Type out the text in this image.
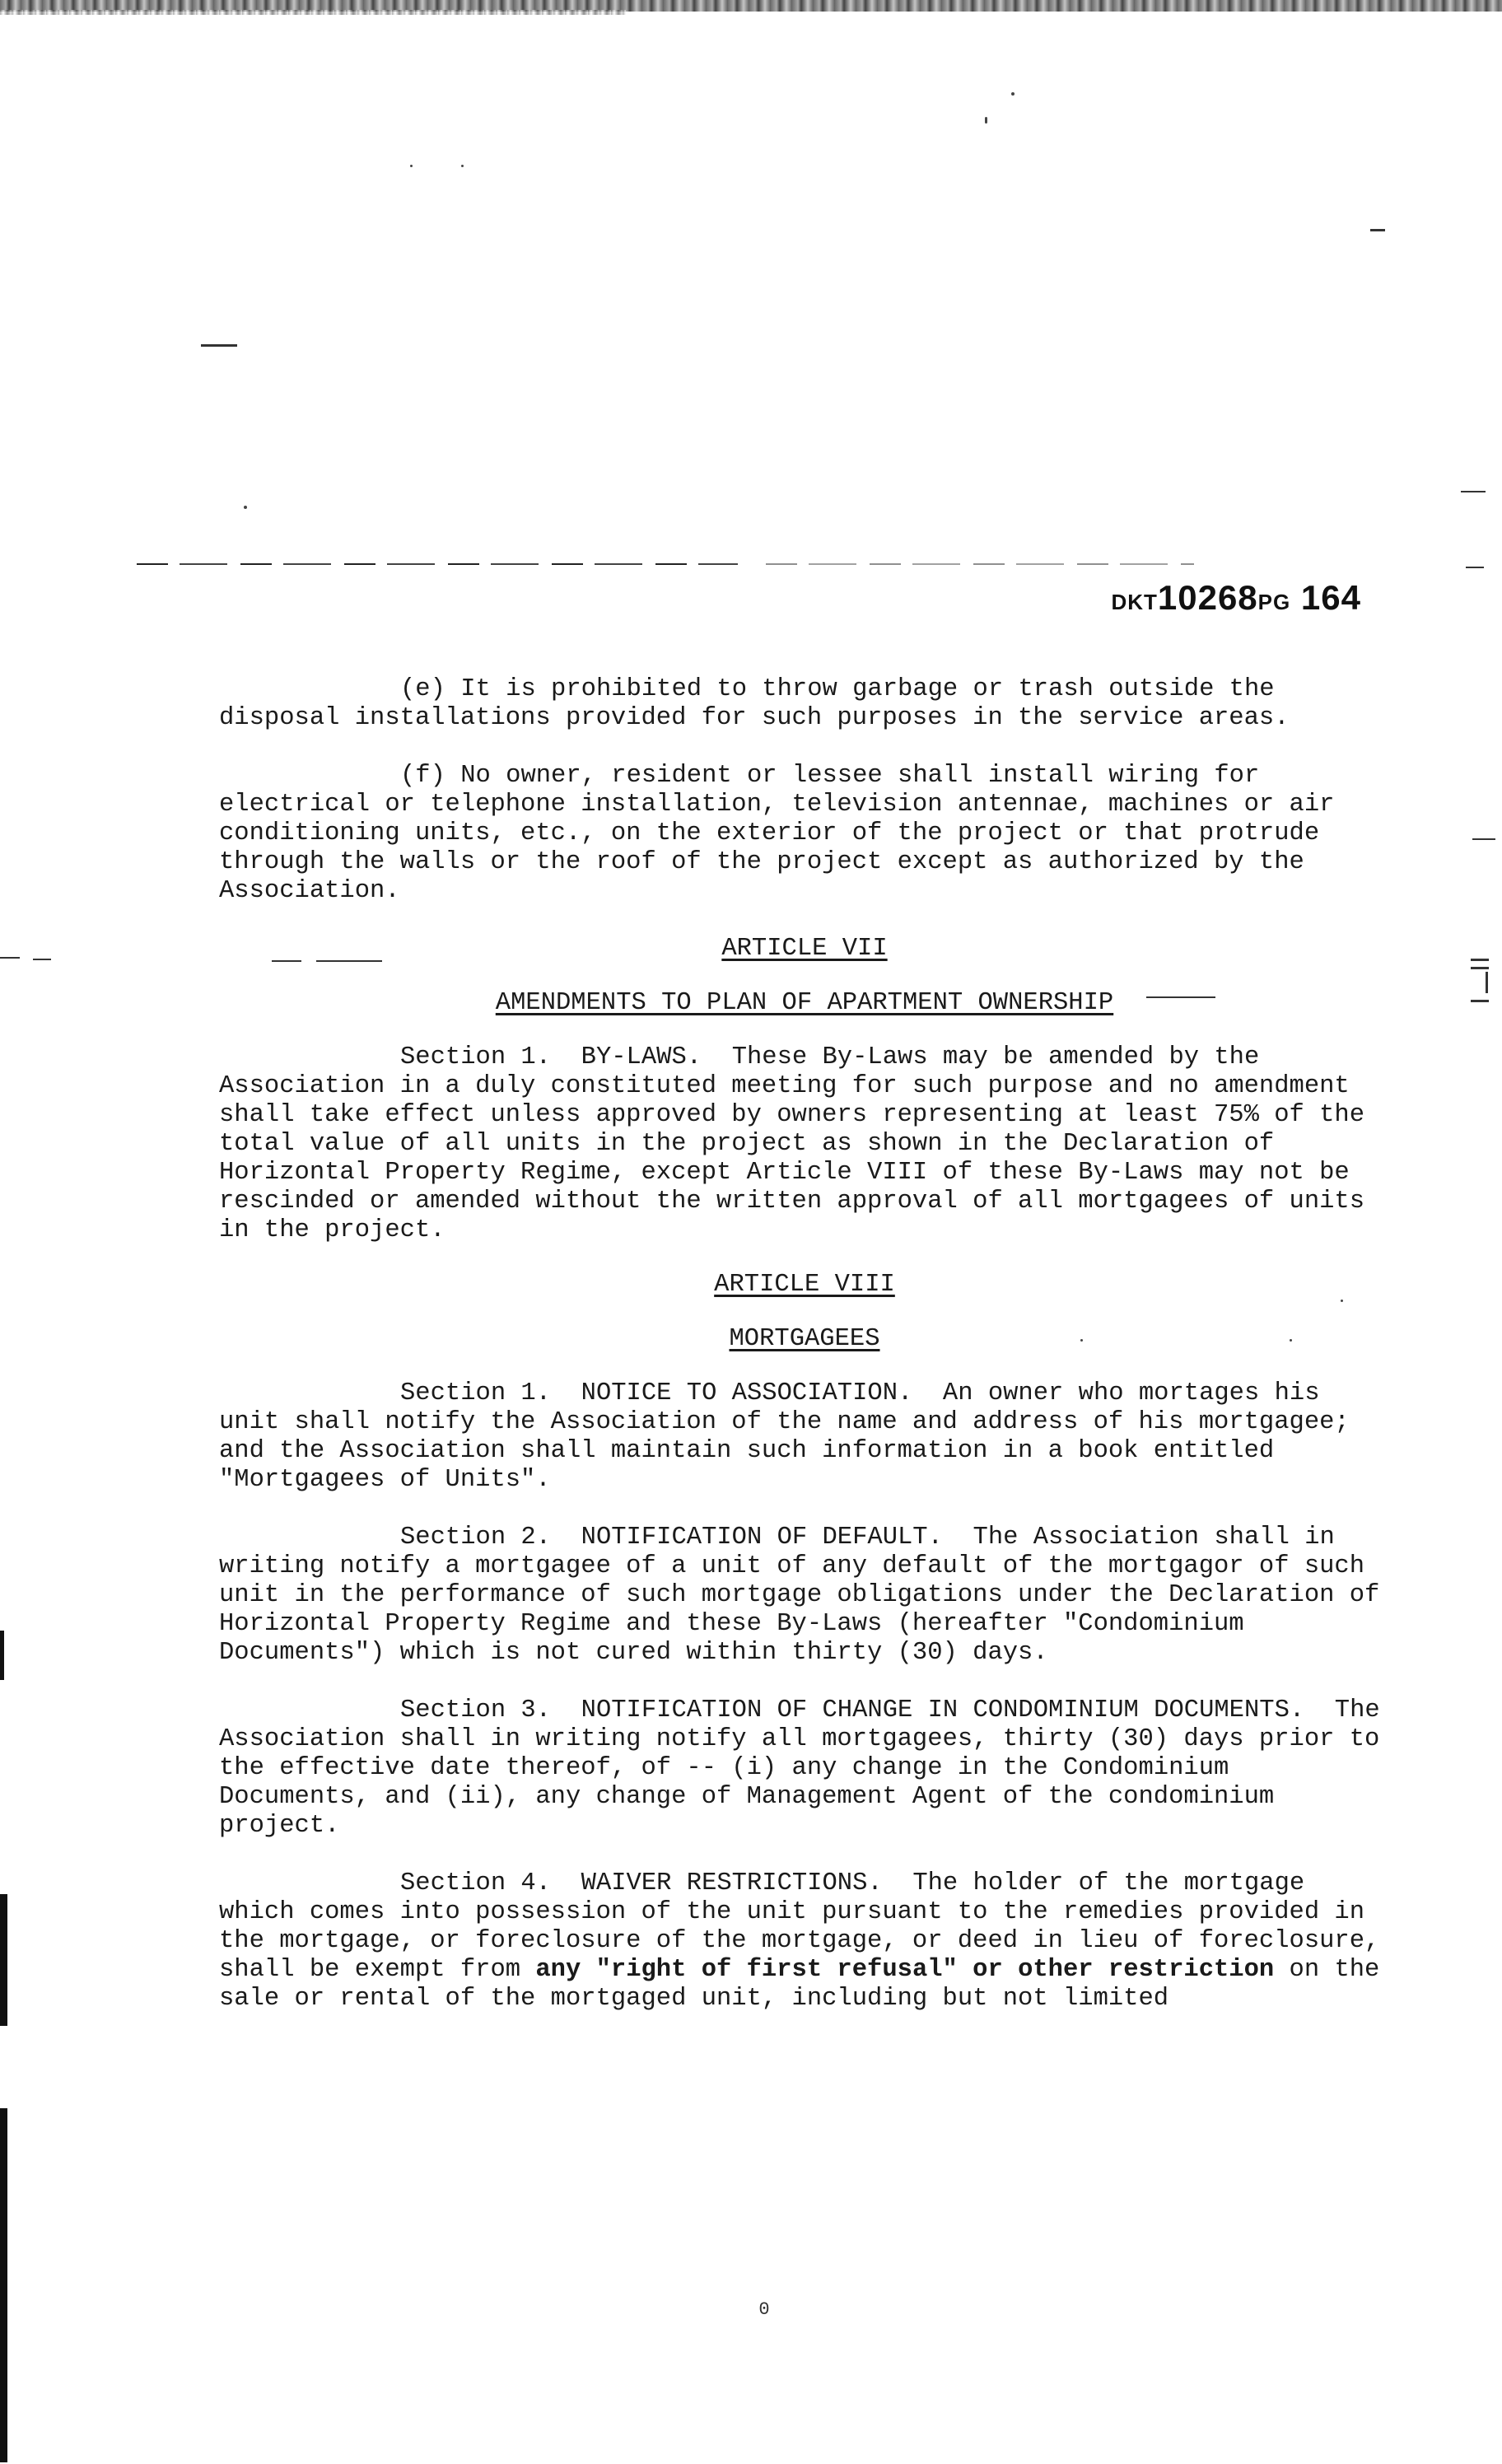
DKT10268PG 164

(e) It is prohibited to throw garbage or trash outside the disposal installations provided for such purposes in the service areas.

(f) No owner, resident or lessee shall install wiring for electrical or telephone installation, television antennae, machines or air conditioning units, etc., on the exterior of the project or that protrude through the walls or the roof of the project except as authorized by the Association.

ARTICLE VII

AMENDMENTS TO PLAN OF APARTMENT OWNERSHIP

Section 1. BY-LAWS. These By-Laws may be amended by the Association in a duly constituted meeting for such purpose and no amendment shall take effect unless approved by owners representing at least 75% of the total value of all units in the project as shown in the Declaration of Horizontal Property Regime, except Article VIII of these By-Laws may not be rescinded or amended without the written approval of all mortgagees of units in the project.

ARTICLE VIII

MORTGAGEES

Section 1. NOTICE TO ASSOCIATION. An owner who mortages his unit shall notify the Association of the name and address of his mortgagee; and the Association shall maintain such information in a book entitled "Mortgagees of Units".

Section 2. NOTIFICATION OF DEFAULT. The Association shall in writing notify a mortgagee of a unit of any default of the mortgagor of such unit in the performance of such mortgage obligations under the Declaration of Horizontal Property Regime and these By-Laws (hereafter "Condominium Documents") which is not cured within thirty (30) days.

Section 3. NOTIFICATION OF CHANGE IN CONDOMINIUM DOCUMENTS. The Association shall in writing notify all mortgagees, thirty (30) days prior to the effective date thereof, of -- (i) any change in the Condominium Documents, and (ii), any change of Management Agent of the condominium project.

Section 4. WAIVER RESTRICTIONS. The holder of the mortgage which comes into possession of the unit pursuant to the remedies provided in the mortgage, or foreclosure of the mortgage, or deed in lieu of foreclosure, shall be exempt from any "right of first refusal" or other restriction on the sale or rental of the mortgaged unit, including but not limited

0
